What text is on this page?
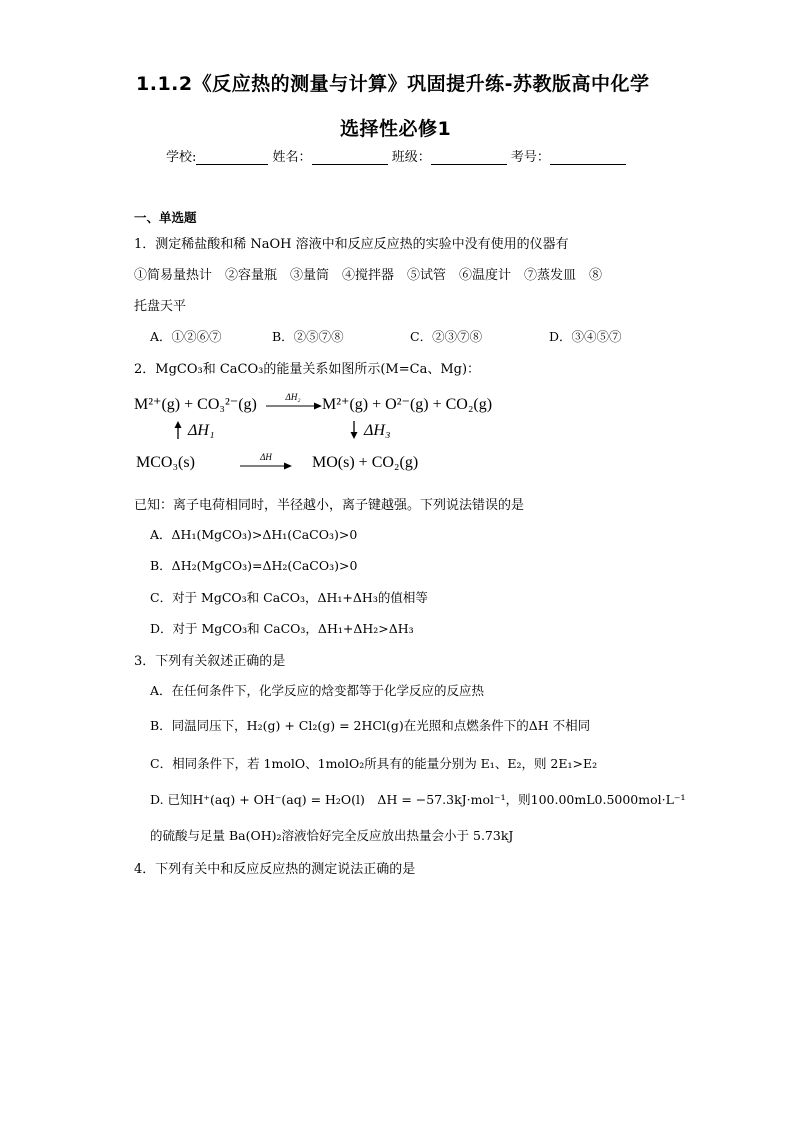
1.1.2《反应热的测量与计算》巩固提升练-苏教版高中化学
选择性必修1
学校:	姓名：	班级：	考号：
一、单选题
1．测定稀盐酸和稀 NaOH 溶液中和反应反应热的实验中没有使用的仪器有
①简易量热计　②容量瓶　③量筒　④搅拌器　⑤试管　⑥温度计　⑦蒸发皿　⑧
托盘天平
A．①②⑥⑦	B．②⑤⑦⑧	C．②③⑦⑧	D．③④⑤⑦
2．MgCO₃和 CaCO₃的能量关系如图所示(M=Ca、Mg)：
M²⁺(g) + CO₃²⁻(g)	ΔH₂	M²⁺(g) + O²⁻(g) + CO₂(g)
ΔH₁	ΔH₃
MCO₃(s)	ΔH	MO(s) + CO₂(g)
已知：离子电荷相同时，半径越小，离子键越强。下列说法错误的是
A．ΔH₁(MgCO₃)>ΔH₁(CaCO₃)>0
B．ΔH₂(MgCO₃)=ΔH₂(CaCO₃)>0
C．对于 MgCO₃和 CaCO₃，ΔH₁+ΔH₃的值相等
D．对于 MgCO₃和 CaCO₃，ΔH₁+ΔH₂>ΔH₃
3．下列有关叙述正确的是
A．在任何条件下，化学反应的焓变都等于化学反应的反应热
B．同温同压下，H₂(g) + Cl₂(g) = 2HCl(g)在光照和点燃条件下的ΔH 不相同
C．相同条件下，若 1molO、1molO₂所具有的能量分别为 E₁、E₂，则 2E₁>E₂
D. 已知H⁺(aq) + OH⁻(aq) = H₂O(l)　ΔH = −57.3kJ·mol⁻¹，则100.00mL0.5000mol·L⁻¹
的硫酸与足量 Ba(OH)₂溶液恰好完全反应放出热量会小于 5.73kJ
4．下列有关中和反应反应热的测定说法正确的是
